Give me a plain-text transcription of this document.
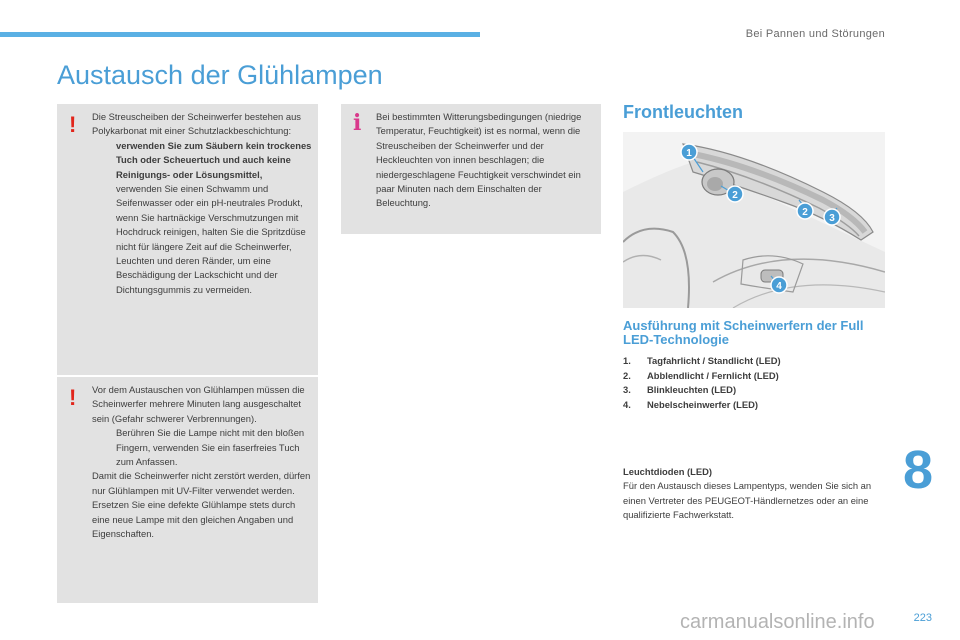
Bei Pannen und Störungen
Austausch der Glühlampen
! Die Streuscheiben der Scheinwerfer bestehen aus Polykarbonat mit einer Schutzlackbeschichtung:

verwenden Sie zum Säubern kein trockenes Tuch oder Scheuertuch und auch keine Reinigungs- oder Lösungsmittel,
verwenden Sie einen Schwamm und Seifenwasser oder ein pH-neutrales Produkt,
wenn Sie hartnäckige Verschmutzungen mit Hochdruck reinigen, halten Sie die Spritzdüse nicht für längere Zeit auf die Scheinwerfer, Leuchten und deren Ränder, um eine Beschädigung der Lackschicht und der Dichtungsgummis zu vermeiden.
! Vor dem Austauschen von Glühlampen müssen die Scheinwerfer mehrere Minuten lang ausgeschaltet sein (Gefahr schwerer Verbrennungen).

Berühren Sie die Lampe nicht mit den bloßen Fingern, verwenden Sie ein faserfreies Tuch zum Anfassen.

Damit die Scheinwerfer nicht zerstört werden, dürfen nur Glühlampen mit UV-Filter verwendet werden.

Ersetzen Sie eine defekte Glühlampe stets durch eine neue Lampe mit den gleichen Angaben und Eigenschaften.

i Bei bestimmten Witterungsbedingungen (niedrige Temperatur, Feuchtigkeit) ist es normal, wenn die Streuscheiben der Scheinwerfer und der Heckleuchten von innen beschlagen; die niedergeschlagene Feuchtigkeit verschwindet ein paar Minuten nach dem Einschalten der Beleuchtung.

Frontleuchten
1
2
2
3
4
Ausführung mit Scheinwerfern der Full LED-Technologie
1.	Tagfahrlicht / Standlicht (LED)
2.	Abblendlicht / Fernlicht (LED)
3.	Blinkleuchten (LED)
4.	Nebelscheinwerfer (LED)
Leuchtdioden (LED)
Für den Austausch dieses Lampentyps, wenden Sie sich an einen Vertreter des PEUGEOT-Händlernetzes oder an eine qualifizierte Fachwerkstatt.
8
carmanualsonline.info	223
